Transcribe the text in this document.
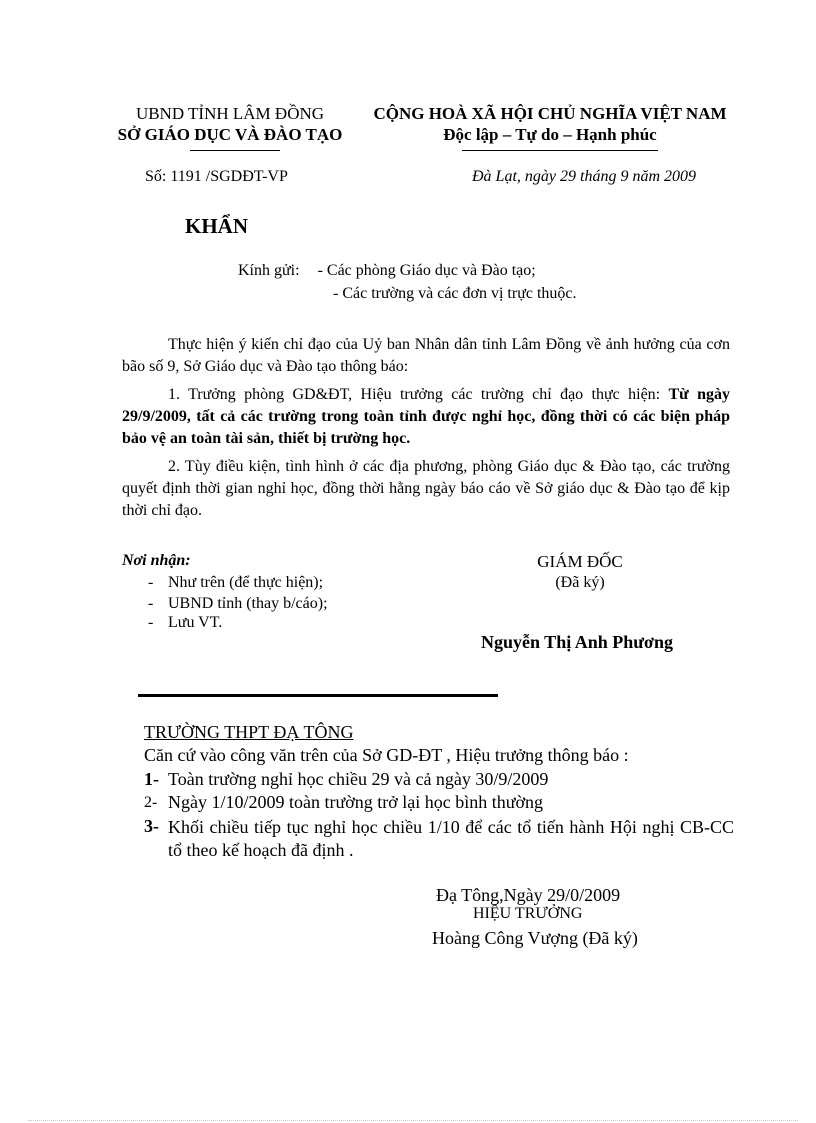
UBND TỈNH LÂM ĐỒNG
SỞ GIÁO DỤC VÀ ĐÀO TẠO
CỘNG HOÀ XÃ HỘI CHỦ NGHĨA VIỆT NAM
Độc lập – Tự do – Hạnh phúc
Số: 1191 /SGDĐT-VP	Đà Lạt, ngày 29 tháng 9 năm 2009
KHẨN
Kính gửi: - Các phòng Giáo dục và Đào tạo;
- Các trường và các đơn vị trực thuộc.
Thực hiện ý kiến chỉ đạo của Uỷ ban Nhân dân tỉnh Lâm Đồng về ảnh hưởng của cơn bão số 9, Sở Giáo dục và Đào tạo thông báo:
1. Trưởng phòng GD&ĐT, Hiệu trưởng các trường chỉ đạo thực hiện: Từ ngày 29/9/2009, tất cả các trường trong toàn tỉnh được nghỉ học, đồng thời có các biện pháp bảo vệ an toàn tài sản, thiết bị trường học.
2. Tùy điều kiện, tình hình ở các địa phương, phòng Giáo dục & Đào tạo, các trường quyết định thời gian nghỉ học, đồng thời hằng ngày báo cáo về Sở giáo dục & Đào tạo để kịp thời chỉ đạo.
Nơi nhận:
- Như trên (để thực hiện);
- UBND tỉnh (thay b/cáo);
- Lưu VT.
GIÁM ĐỐC
(Đã ký)
Nguyễn Thị Anh Phương
TRƯỜNG THPT ĐẠ TÔNG
Căn cứ vào công văn trên của Sở GD-ĐT , Hiệu trưởng thông báo :
1- Toàn trường nghỉ học chiều 29 và cả ngày 30/9/2009
2- Ngày 1/10/2009 toàn trường trở lại học bình thường
3- Khối chiều tiếp tục nghỉ học chiều 1/10 để các tổ tiến hành Hội nghị CB-CC tổ theo kế hoạch đã định .
Đạ Tông,Ngày 29/0/2009
HIỆU TRƯỞNG
Hoàng Công Vượng (Đã ký)
